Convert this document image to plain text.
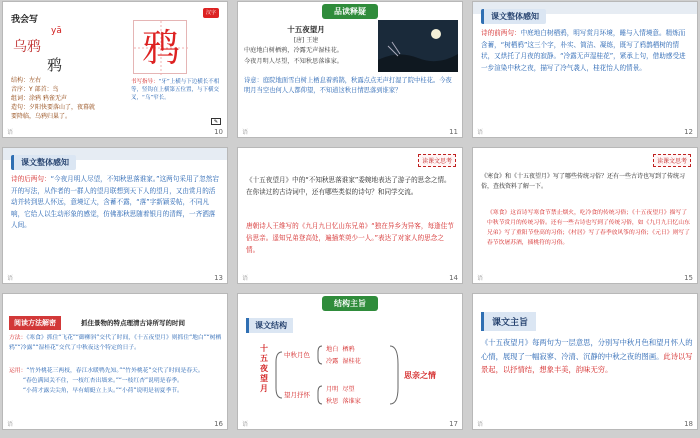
我会写
乌鸦
yā
鸦 鸦
汉字
结构：左右
音序：Y 部首：鸟
组词：涂鸦 鸦雀无声
造句：夕阳快要落山了，夜幕就
要降临，乌鸦归巢了。
书写指导：“牙”上横与下边横长不相等，竖钩在上横第五位置，与下横交叉，“乌”窄长。
✎
语	10
品读释疑
十五夜望月
[唐] 王建
中庭地白树栖鸦，冷露无声湿桂花。
今夜月明人尽望，不知秋思落谁家。
诗意：庭院地面雪白树上栖息着鸦鹊，秋露点点无声打湿了院中桂花。今夜明月当空也何人人都仰望，不知道这秋日情思落到谁家？
语	11
课文整体感知
诗的前两句：中庭地白树栖鸦，明写赏月环境，睡与入情境意。精炼而含蓄，“树栖鸦”这三个字，朴实、简洁、凝练，既写了鸦鹊栖树的情状，又烘托了月夜的寂静。“冷露无声湿桂花”，紧承上句，借助感受进一步渲染中秋之夜，描写了冷气袭人，桂花怡人的情景。
语	12
课文整体感知
诗的后两句：“今夜月明人尽望，不知秋思落谁家。”这两句采用了忽然宕开的写法，从作者的一群人的望月联想到天下人的望月，又由赏月的活动并转到思人怀远，意境辽大，含蓄不露，“落”字新颖妥帖，不同凡响，它给人以生动形象的感觉，仿佛那秋思随着银月的清辉，一齐洒落人间。
语	13
读课文思考
《十五夜望月》中的“不知秋思落谁家”委婉地表达了游子的思念之情。在你读过的古诗词中，还有哪些类似的诗句？和同学交流。
唐朝诗人王维写的《九月九日忆山东兄弟》“独在异乡为异客，每逢佳节倍思亲。遥知兄弟登高处，遍插茱萸少一人。”表达了对家人的思念之情。
语	14
读课文思考
《寒食》和《十五夜望月》写了哪些传统习俗？还有一些古诗也写到了传统习俗，查找资料了解一下。
《寒食》这首诗写寒食节禁止烟火，吃冷食的传统习俗；《十五夜望月》描写了中秋节赏月的传统习俗。还有一些古诗也写到了传统习俗，如《九月九日忆山东兄弟》写了重阳节登高的习俗；《村居》写了春季放风筝的习俗；《元日》则写了春节饮屠苏酒，插桃符的习俗。
语	15
阅读方法解密	抓住景物的特点理清古诗所写的时间
方法：《寒食》抓住“飞花”“御柳斜”交代了时间，《十五夜望月》则抓住“地白”“树栖鸦”“冷露”“湿桂花”交代了中秋夜这个特定的日子。
运用：“竹外桃花三两枝，春江水暖鸭先知。”“竹外桃花”交代了时间是春天。
“春色满园关不住，一枝红杏出墙来。”“一枝红杏”说明是春季。
“小荷才露尖尖角，早有蜻蜓立上头。”“小荷”说明是初夏季节。
语	16
结构主旨
课文结构
十五夜望月
中秋月色
望月抒怀
地白 栖鸦
冷露 湿桂花
月明 尽望
秋思 落谁家
思亲之情
语	17
课文主旨
《十五夜望月》每两句为一层意思，分别写中秋月色和望月怀人的心情，展现了一幅寂寥、冷清、沉静的中秋之夜的图画。此诗以写景起，以抒情结，想象丰美，韵味无穷。
语	18
